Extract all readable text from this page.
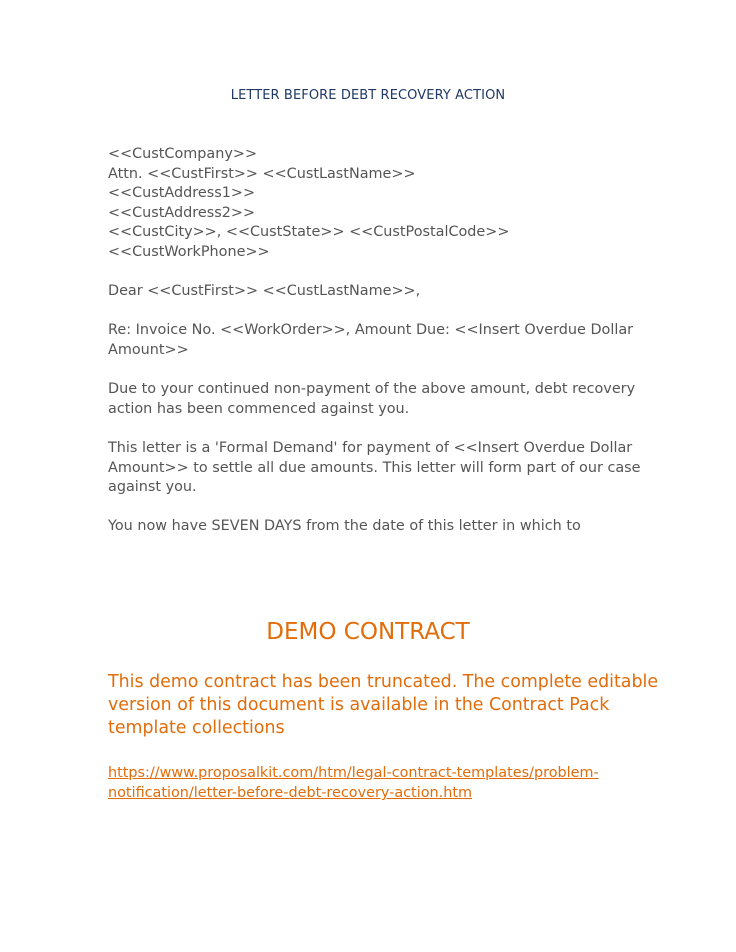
LETTER BEFORE DEBT RECOVERY ACTION
<<CustCompany>>
Attn. <<CustFirst>> <<CustLastName>>
<<CustAddress1>>
<<CustAddress2>>
<<CustCity>>, <<CustState>> <<CustPostalCode>>
<<CustWorkPhone>>
Dear <<CustFirst>> <<CustLastName>>,
Re: Invoice No. <<WorkOrder>>, Amount Due: <<Insert Overdue Dollar
Amount>>
Due to your continued non-payment of the above amount, debt recovery
action has been commenced against you.
This letter is a 'Formal Demand' for payment of <<Insert Overdue Dollar
Amount>> to settle all due amounts. This letter will form part of our case
against you.
You now have SEVEN DAYS from the date of this letter in which to
DEMO CONTRACT
This demo contract has been truncated. The complete editable
version of this document is available in the Contract Pack
template collections
https://www.proposalkit.com/htm/legal-contract-templates/problem-
notification/letter-before-debt-recovery-action.htm
